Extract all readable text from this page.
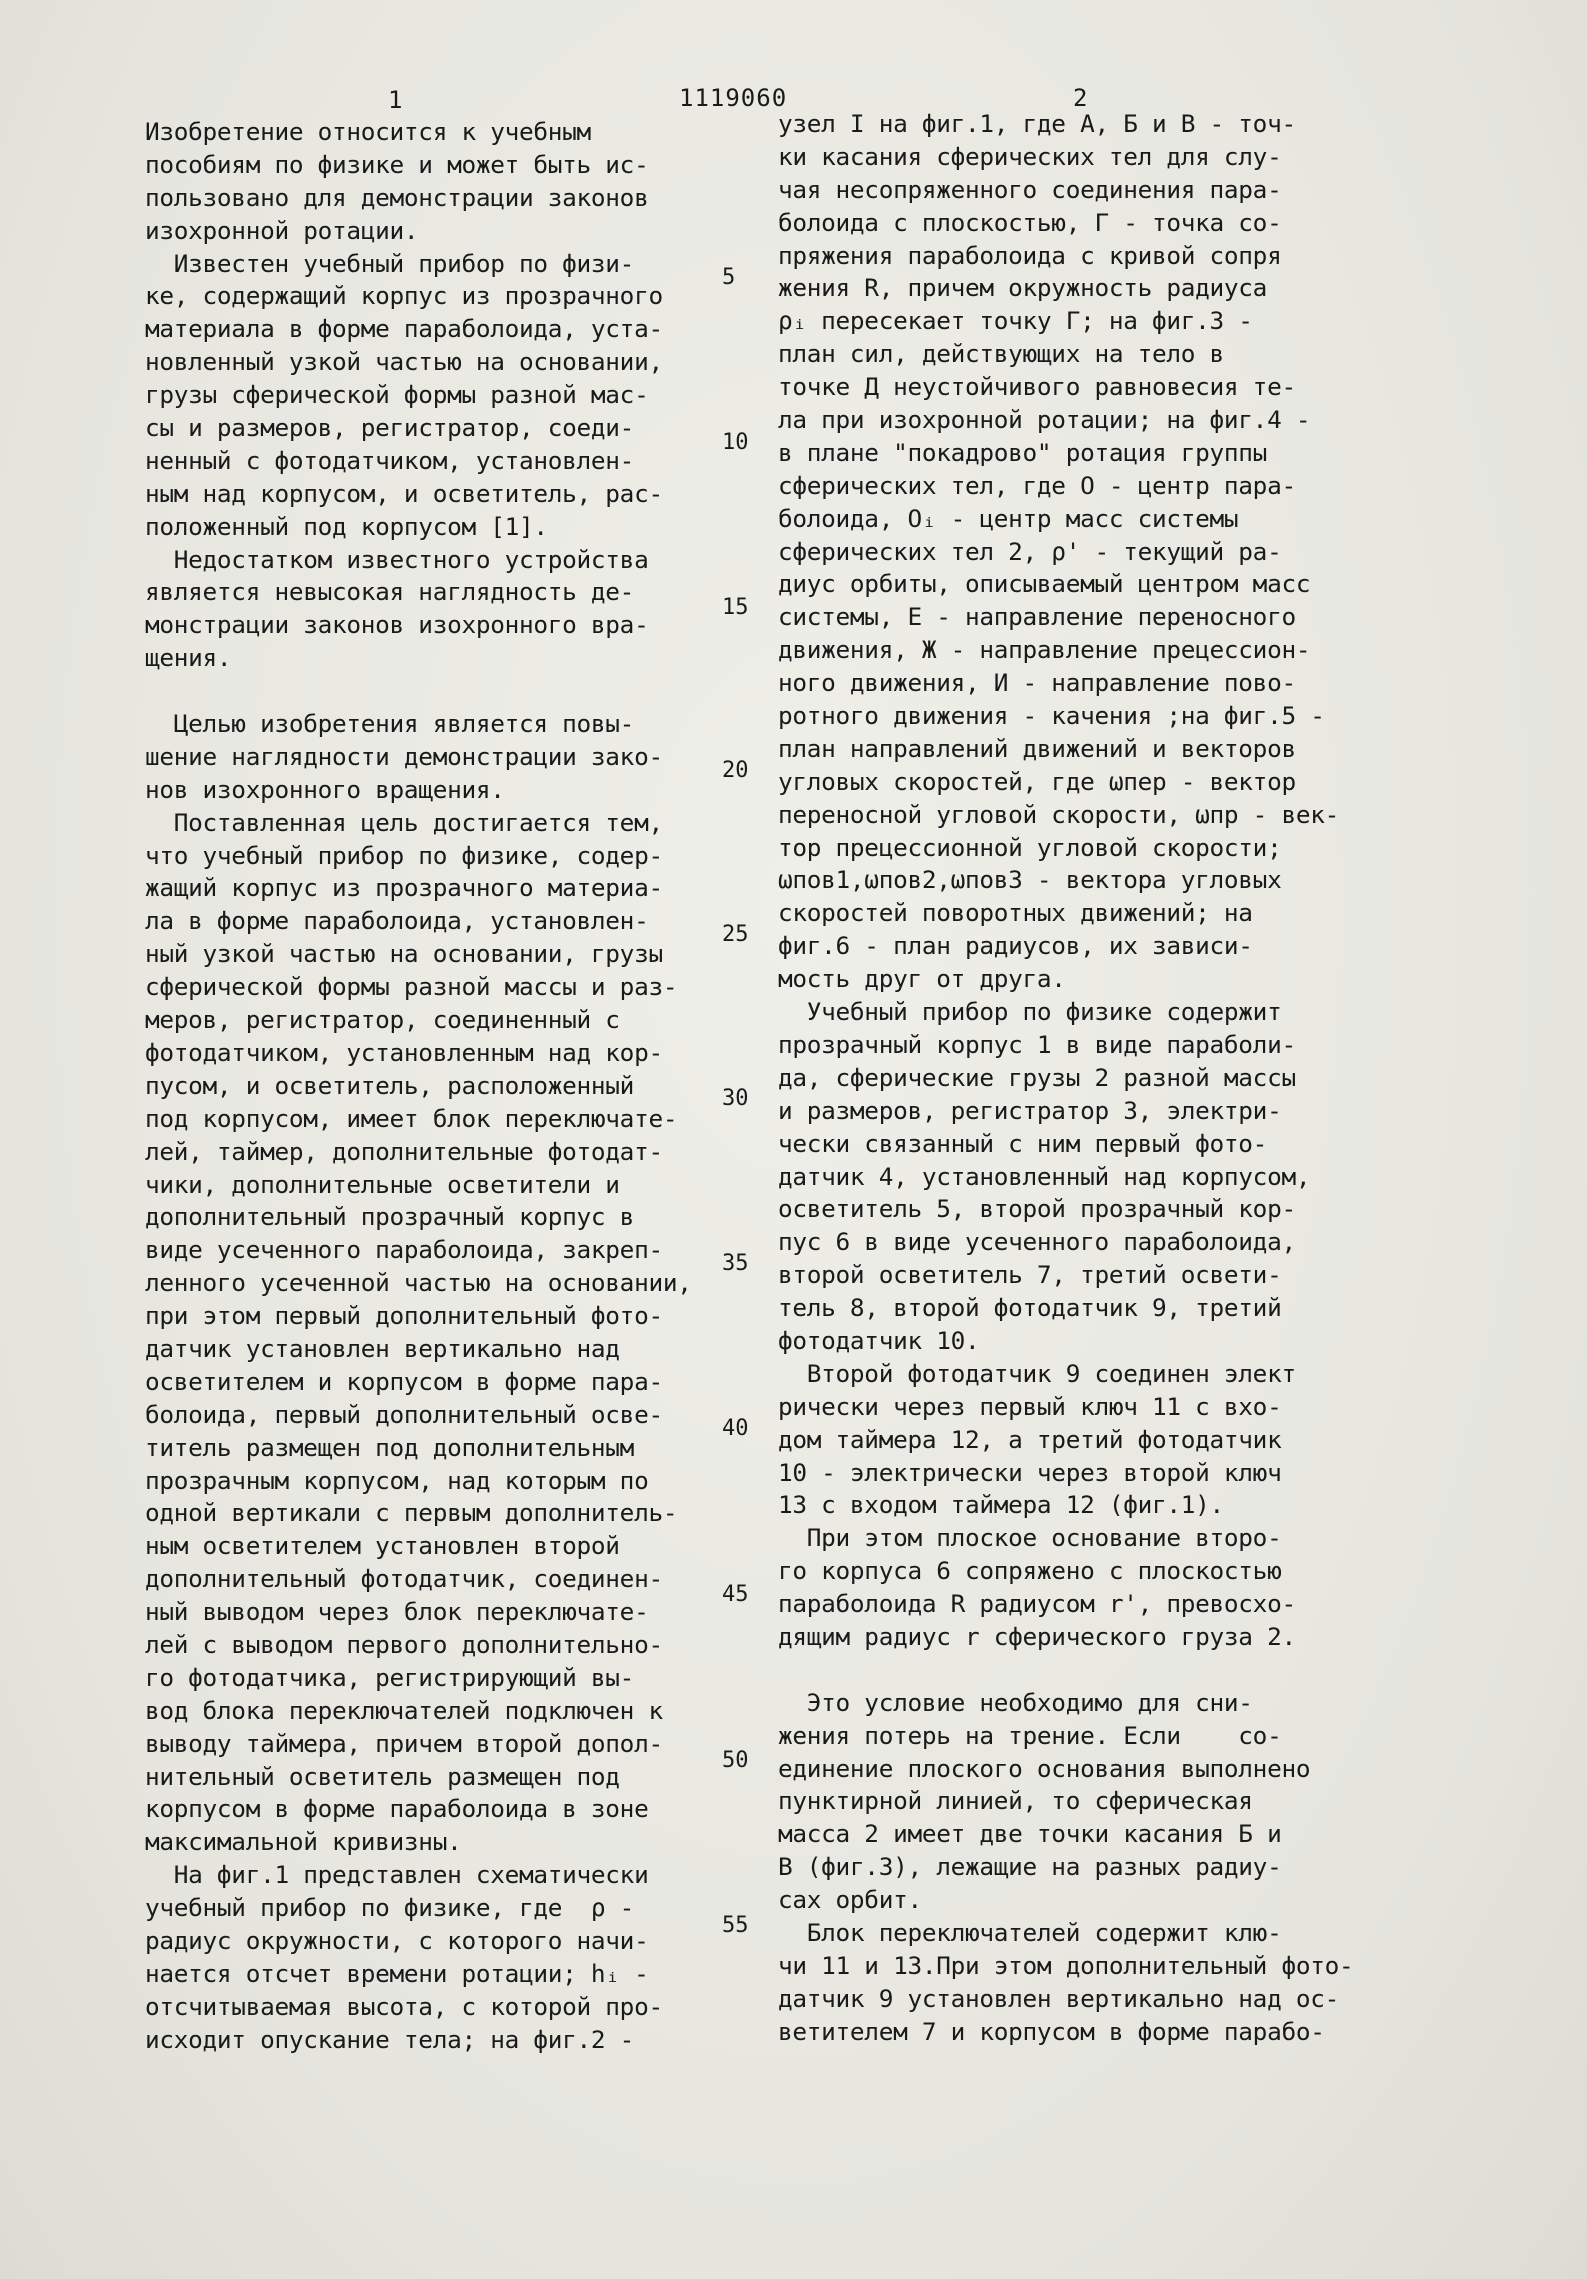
1	1119060	2
Изобретение относится к учебным
пособиям по физике и может быть ис-
пользовано для демонстрации законов
изохронной ротации.
Известен учебный прибор по физи-
ке, содержащий корпус из прозрачного
материала в форме параболоида, уста-
новленный узкой частью на основании,
грузы сферической формы разной мас-
сы и размеров, регистратор, соеди-
ненный с фотодатчиком, установлен-
ным над корпусом, и осветитель, рас-
положенный под корпусом [1].
Недостатком известного устройства
является невысокая наглядность де-
монстрации законов изохронного вра-
щения.
Целью изобретения является повы-
шение наглядности демонстрации зако-
нов изохронного вращения.
Поставленная цель достигается тем,
что учебный прибор по физике, содер-
жащий корпус из прозрачного материа-
ла в форме параболоида, установлен-
ный узкой частью на основании, грузы
сферической формы разной массы и раз-
меров, регистратор, соединенный с
фотодатчиком, установленным над кор-
пусом, и осветитель, расположенный
под корпусом, имеет блок переключате-
лей, таймер, дополнительные фотодат-
чики, дополнительные осветители и
дополнительный прозрачный корпус в
виде усеченного параболоида, закреп-
ленного усеченной частью на основании,
при этом первый дополнительный фото-
датчик установлен вертикально над
осветителем и корпусом в форме пара-
болоида, первый дополнительный осве-
титель размещен под дополнительным
прозрачным корпусом, над которым по
одной вертикали с первым дополнитель-
ным осветителем установлен второй
дополнительный фотодатчик, соединен-
ный выводом через блок переключате-
лей с выводом первого дополнительно-
го фотодатчика, регистрирующий вы-
вод блока переключателей подключен к
выводу таймера, причем второй допол-
нительный осветитель размещен под
корпусом в форме параболоида в зоне
максимальной кривизны.
На фиг.1 представлен схематически
учебный прибор по физике, где  ρ -
радиус окружности, с которого начи-
нается отсчет времени ротации; hᵢ -
отсчитываемая высота, с которой про-
исходит опускание тела; на фиг.2 -
узел I на фиг.1, где А, Б и В - точ-
ки касания сферических тел для слу-
чая несопряженного соединения пара-
болоида с плоскостью, Г - точка со-
пряжения параболоида с кривой сопря
жения R, причем окружность радиуса
ρᵢ пересекает точку Г; на фиг.3 -
план сил, действующих на тело в
точке Д неустойчивого равновесия те-
ла при изохронной ротации; на фиг.4 -
в плане "покадрово" ротация группы
сферических тел, где О - центр пара-
болоида, Оᵢ - центр масс системы
сферических тел 2, ρ' - текущий ра-
диус орбиты, описываемый центром масс
системы, Е - направление переносного
движения, Ж - направление прецессион-
ного движения, И - направление пово-
ротного движения - качения ;на фиг.5 -
план направлений движений и векторов
угловых скоростей, где ωпер - вектор
переносной угловой скорости, ωпр - век-
тор прецессионной угловой скорости;
ωпов1,ωпов2,ωпов3 - вектора угловых
скоростей поворотных движений; на
фиг.6 - план радиусов, их зависи-
мость друг от друга.
Учебный прибор по физике содержит
прозрачный корпус 1 в виде параболи-
да, сферические грузы 2 разной массы
и размеров, регистратор 3, электри-
чески связанный с ним первый фото-
датчик 4, установленный над корпусом,
осветитель 5, второй прозрачный кор-
пус 6 в виде усеченного параболоида,
второй осветитель 7, третий освети-
тель 8, второй фотодатчик 9, третий
фотодатчик 10.
Второй фотодатчик 9 соединен элект
рически через первый ключ 11 с вхо-
дом таймера 12, а третий фотодатчик
10 - электрически через второй ключ
13 с входом таймера 12 (фиг.1).
При этом плоское основание второ-
го корпуса 6 сопряжено с плоскостью
параболоида R радиусом r', превосхо-
дящим радиус r сферического груза 2.
Это условие необходимо для сни-
жения потерь на трение. Если    со-
единение плоского основания выполнено
пунктирной линией, то сферическая
масса 2 имеет две точки касания Б и
В (фиг.3), лежащие на разных радиу-
сах орбит.
Блок переключателей содержит клю-
чи 11 и 13.При этом дополнительный фото-
датчик 9 установлен вертикально над ос-
ветителем 7 и корпусом в форме парабо-
5
10
15
20
25
30
35
40
45
50
55
